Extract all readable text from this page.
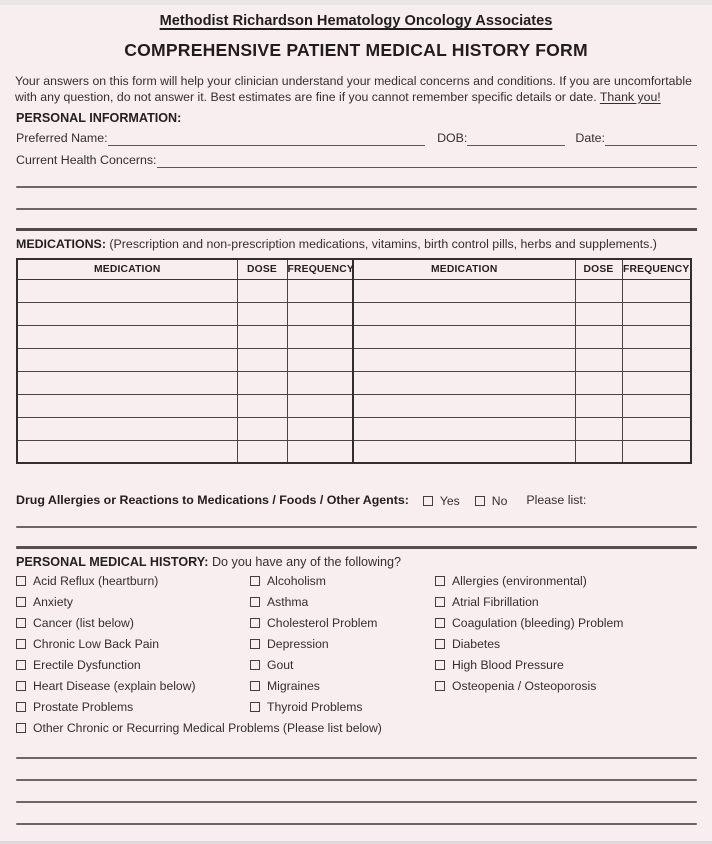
Methodist Richardson Hematology Oncology Associates
COMPREHENSIVE PATIENT MEDICAL HISTORY FORM

Your answers on this form will help your clinician understand your medical concerns and conditions. If you are uncomfortable with any question, do not answer it. Best estimates are fine if you cannot remember specific details or date. Thank you!

PERSONAL INFORMATION:
Preferred Name:	DOB:	Date:
Current Health Concerns:
MEDICATIONS: (Prescription and non-prescription medications, vitamins, birth control pills, herbs and supplements.)
MEDICATION	DOSE	FREQUENCY	MEDICATION	DOSE	FREQUENCY

Drug Allergies or Reactions to Medications / Foods / Other Agents:	Yes	No Please list:
PERSONAL MEDICAL HISTORY: Do you have any of the following?
Acid Reflux (heartburn)
Anxiety
Cancer (list below)
Chronic Low Back Pain
Erectile Dysfunction
Heart Disease (explain below)
Prostate Problems
Alcoholism
Asthma
Cholesterol Problem
Depression
Gout
Migraines
Thyroid Problems
Allergies (environmental)
Atrial Fibrillation
Coagulation (bleeding) Problem
Diabetes
High Blood Pressure
Osteopenia / Osteoporosis
Other Chronic or Recurring Medical Problems (Please list below)
